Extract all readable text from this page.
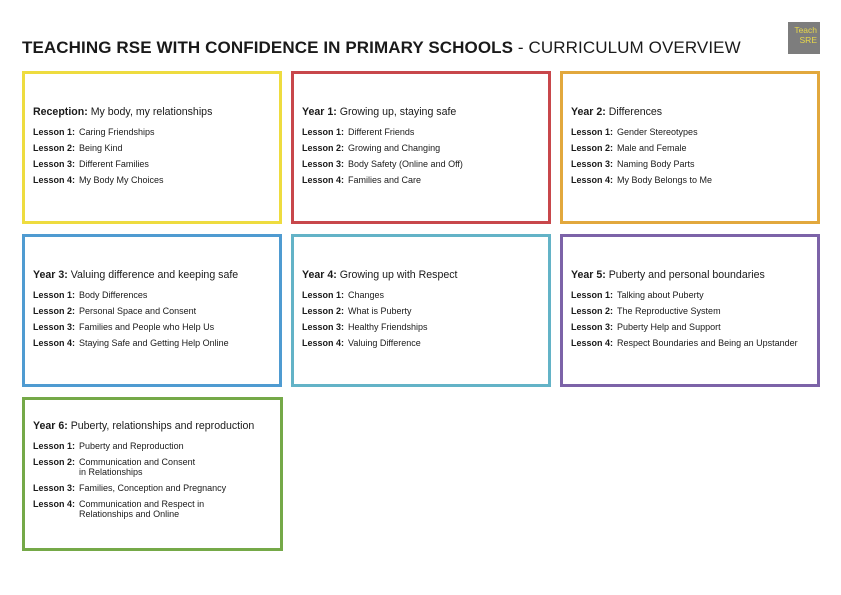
TEACHING RSE WITH CONFIDENCE IN PRIMARY SCHOOLS - CURRICULUM OVERVIEW
Teach
SRE
Reception: My body, my relationships
Lesson 1: Caring Friendships
Lesson 2: Being Kind
Lesson 3: Different Families
Lesson 4: My Body My Choices
Year 1: Growing up, staying safe
Lesson 1: Different Friends
Lesson 2: Growing and Changing
Lesson 3: Body Safety (Online and Off)
Lesson 4: Families and Care
Year 2: Differences
Lesson 1: Gender Stereotypes
Lesson 2: Male and Female
Lesson 3: Naming Body Parts
Lesson 4: My Body Belongs to Me
Year 3: Valuing difference and keeping safe
Lesson 1: Body Differences
Lesson 2: Personal Space and Consent
Lesson 3: Families and People who Help Us
Lesson 4: Staying Safe and Getting Help Online
Year 4: Growing up with Respect
Lesson 1: Changes
Lesson 2: What is Puberty
Lesson 3: Healthy Friendships
Lesson 4: Valuing Difference
Year 5: Puberty and personal boundaries
Lesson 1: Talking about Puberty
Lesson 2: The Reproductive System
Lesson 3: Puberty Help and Support
Lesson 4: Respect Boundaries and Being an Upstander
Year 6: Puberty, relationships and reproduction
Lesson 1: Puberty and Reproduction
Lesson 2: Communication and Consent
in Relationships
Lesson 3: Families, Conception and Pregnancy
Lesson 4: Communication and Respect in
Relationships and Online
